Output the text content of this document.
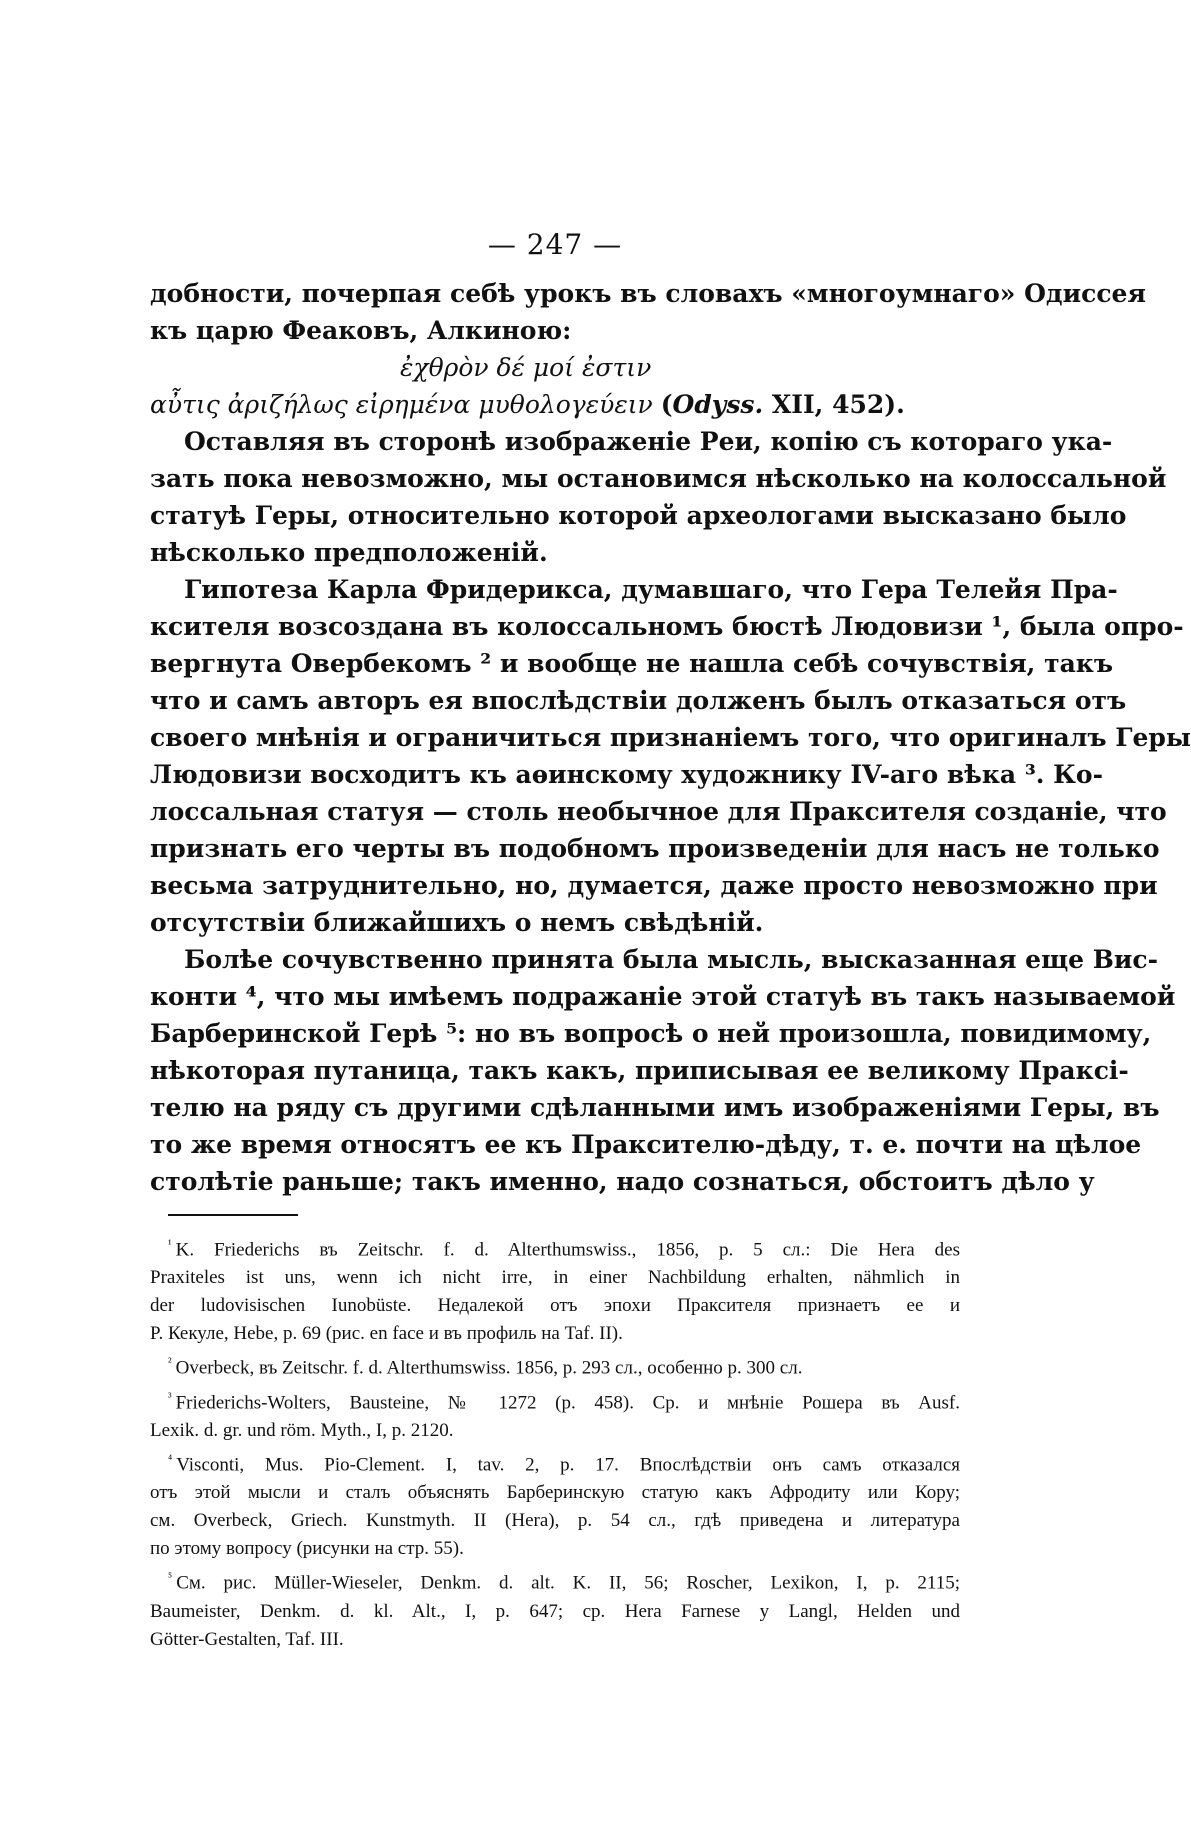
— 247 —
добности, почерпая себѣ урокъ въ словахъ «многоумнаго» Одиссея
къ царю Феаковъ, Алкиною:
ἐχθρὸν δέ μοί ἐστιν
αὖτις ἀριζήλως εἰρημένα μυθολογεύειν (Odyss. XII, 452).
Оставляя въ сторонѣ изображеніе Реи, копію съ котораго ука-
зать пока невозможно, мы остановимся нѣсколько на колоссальной
статуѣ Геры, относительно которой археологами высказано было
нѣсколько предположеній.
Гипотеза Карла Фридерикса, думавшаго, что Гера Телейя Пра-
ксителя возсоздана въ колоссальномъ бюстѣ Людовизи ¹, была опро-
вергнута Овербекомъ ² и вообще не нашла себѣ сочувствія, такъ
что и самъ авторъ ея впослѣдствіи долженъ былъ отказаться отъ
своего мнѣнія и ограничиться признаніемъ того, что оригиналъ Геры
Людовизи восходитъ къ аѳинскому художнику IV-аго вѣка ³. Ко-
лоссальная статуя — столь необычное для Праксителя созданіе, что
признать его черты въ подобномъ произведеніи для насъ не только
весьма затруднительно, но, думается, даже просто невозможно при
отсутствіи ближайшихъ о немъ свѣдѣній.
Болѣе сочувственно принята была мысль, высказанная еще Вис-
конти ⁴, что мы имѣемъ подражаніе этой статуѣ въ такъ называемой
Барберинской Герѣ ⁵: но въ вопросѣ о ней произошла, повидимому,
нѣкоторая путаница, такъ какъ, приписывая ее великому Праксі-
телю на ряду съ другими сдѣланными имъ изображеніями Геры, въ
то же время относятъ ее къ Праксителю-дѣду, т. е. почти на цѣлое
столѣтіе раньше; такъ именно, надо сознаться, обстоитъ дѣло у
$^{^1}$ K. Friederichs въ Zeitschr. f. d. Alterthumswiss., 1856, p. 5 сл.: Die Hera des
Praxiteles ist uns, wenn ich nicht irre, in einer Nachbildung erhalten, nähmlich in
der ludovisischen Iunobüste. Недалекой отъ эпохи Праксителя признаетъ ее и
P. Кекуле, Hebe, p. 69 (рис. en face и въ профиль на Taf. II).
$^{^2}$ Overbeck, въ Zeitschr. f. d. Alterthumswiss. 1856, p. 293 сл., особенно p. 300 сл.
$^{^3}$ Friederichs-Wolters, Bausteine, № 1272 (p. 458). Ср. и мнѣніе Рошера въ Ausf.
Lexik. d. gr. und röm. Myth., I, p. 2120.
$^{^4}$ Visconti, Mus. Pio-Clement. I, tav. 2, p. 17. Впослѣдствіи онъ самъ отказался
отъ этой мысли и сталъ объяснять Барберинскую статую какъ Афродиту или Кору;
см. Overbeck, Griech. Kunstmyth. II (Hera), p. 54 сл., гдѣ приведена и литература
по этому вопросу (рисунки на стр. 55).
$^{^5}$ См. рис. Müller-Wieseler, Denkm. d. alt. K. II, 56; Roscher, Lexikon, I, p. 2115;
Baumeister, Denkm. d. kl. Alt., I, p. 647; cp. Hera Farnese y Langl, Helden und
Götter-Gestalten, Taf. III.
